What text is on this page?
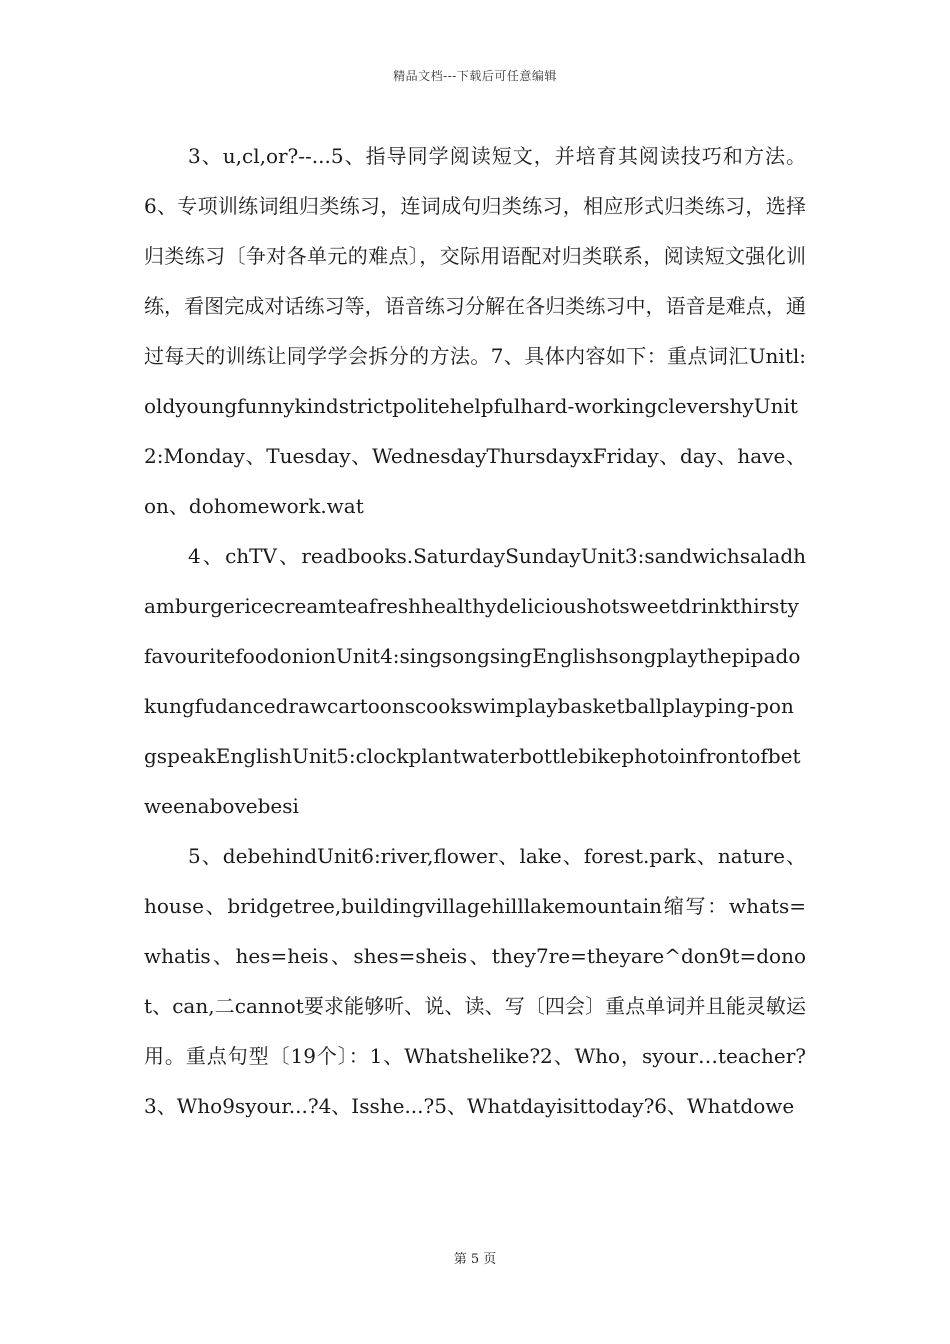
精品文档---下载后可任意编辑

3、u,cl,or?--...5、指导同学阅读短文，并培育其阅读技巧和方法。6、专项训练词组归类练习，连词成句归类练习，相应形式归类练习，选择归类练习〔争对各单元的难点〕，交际用语配对归类联系，阅读短文强化训练，看图完成对话练习等，语音练习分解在各归类练习中，语音是难点，通过每天的训练让同学学会拆分的方法。7、具体内容如下：重点词汇Unitl:oldyoungfunnykindstrictpolitehelpfulhard-workingclevershyUnit2:Monday、Tuesday、WednesdayThursdayxFriday、day、have、on、dohomework.wat

4、chTV、readbooks.SaturdaySundayUnit3:sandwichsaladhamburgericecreamteafreshhealthydelicioushotsweetdrinkthirstyfavouritefoodonionUnit4:singsongsingEnglishsongplaythepipadokungfudancedrawcartoonscookswimplaybasketballplayping-pongspeakEnglishUnit5:clockplantwaterbottlebikephotoinfrontofbetweenabovebesi

5、debehindUnit6:river,flower、lake、forest.park、nature、house、bridgetree,buildingvillagehilllakemountain缩写：whats=whatis、hes=heis、shes=sheis、they7re=theyare^don9t=donot、can,二cannot要求能够听、说、读、写〔四会〕重点单词并且能灵敏运用。重点句型〔19个〕：1、Whatshelike?2、Who，syour…teacher?3、Who9syour...?4、Isshe...?5、Whatdayisittoday?6、Whatdowe

第 5 页
